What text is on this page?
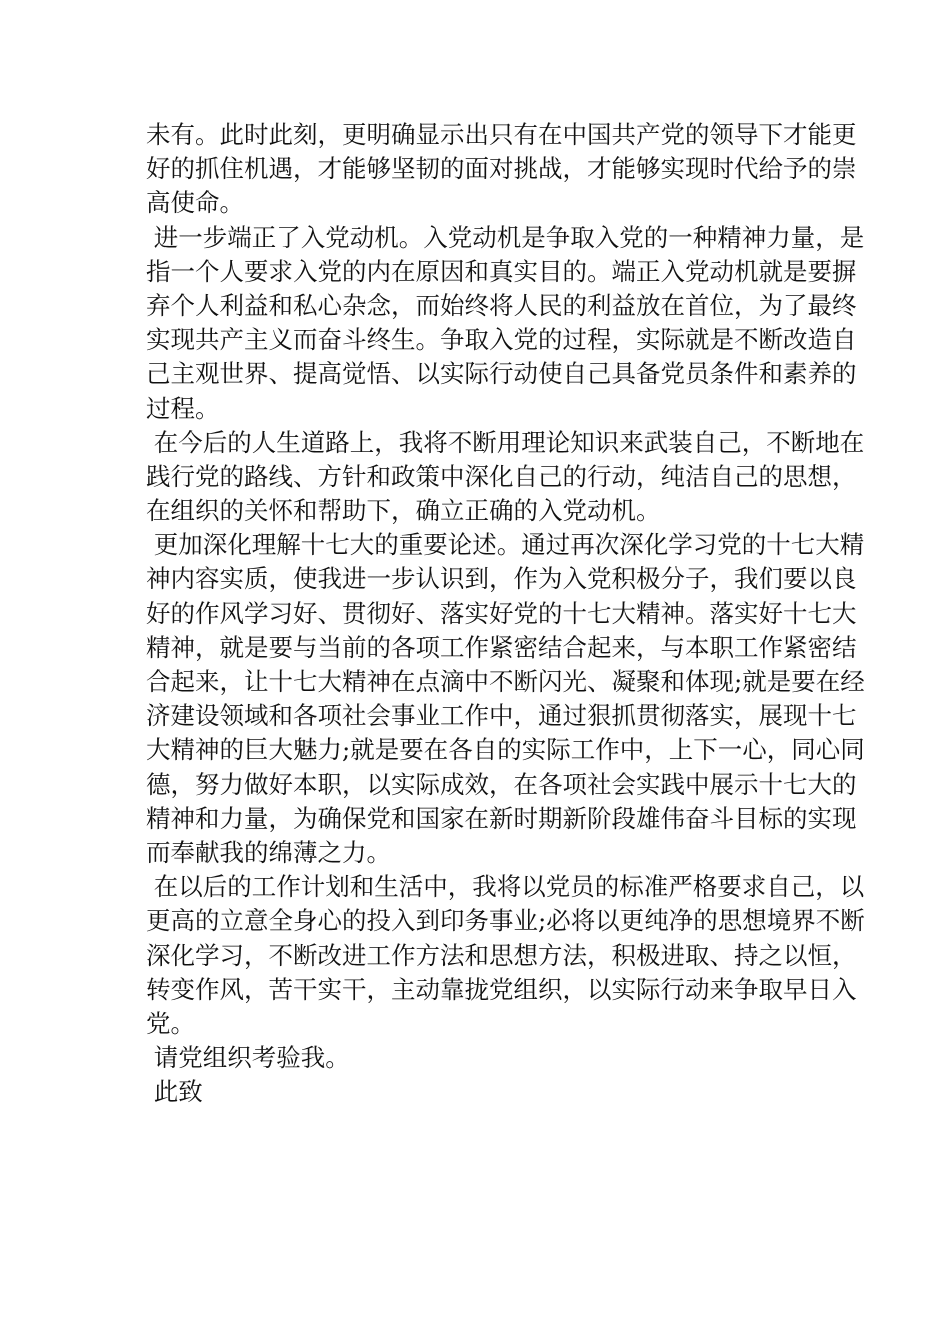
未有。此时此刻，更明确显示出只有在中国共产党的领导下才能更
好的抓住机遇，才能够坚韧的面对挑战，才能够实现时代给予的崇
高使命。
进一步端正了入党动机。入党动机是争取入党的一种精神力量，是
指一个人要求入党的内在原因和真实目的。端正入党动机就是要摒
弃个人利益和私心杂念，而始终将人民的利益放在首位，为了最终
实现共产主义而奋斗终生。争取入党的过程，实际就是不断改造自
己主观世界、提高觉悟、以实际行动使自己具备党员条件和素养的
过程。
在今后的人生道路上，我将不断用理论知识来武装自己，不断地在
践行党的路线、方针和政策中深化自己的行动，纯洁自己的思想，
在组织的关怀和帮助下，确立正确的入党动机。
更加深化理解十七大的重要论述。通过再次深化学习党的十七大精
神内容实质，使我进一步认识到，作为入党积极分子，我们要以良
好的作风学习好、贯彻好、落实好党的十七大精神。落实好十七大
精神，就是要与当前的各项工作紧密结合起来，与本职工作紧密结
合起来，让十七大精神在点滴中不断闪光、凝聚和体现;就是要在经
济建设领域和各项社会事业工作中，通过狠抓贯彻落实，展现十七
大精神的巨大魅力;就是要在各自的实际工作中，上下一心，同心同
德，努力做好本职，以实际成效，在各项社会实践中展示十七大的
精神和力量，为确保党和国家在新时期新阶段雄伟奋斗目标的实现
而奉献我的绵薄之力。
在以后的工作计划和生活中，我将以党员的标准严格要求自己，以
更高的立意全身心的投入到印务事业;必将以更纯净的思想境界不断
深化学习，不断改进工作方法和思想方法，积极进取、持之以恒，
转变作风，苦干实干，主动靠拢党组织，以实际行动来争取早日入
党。
请党组织考验我。
此致
